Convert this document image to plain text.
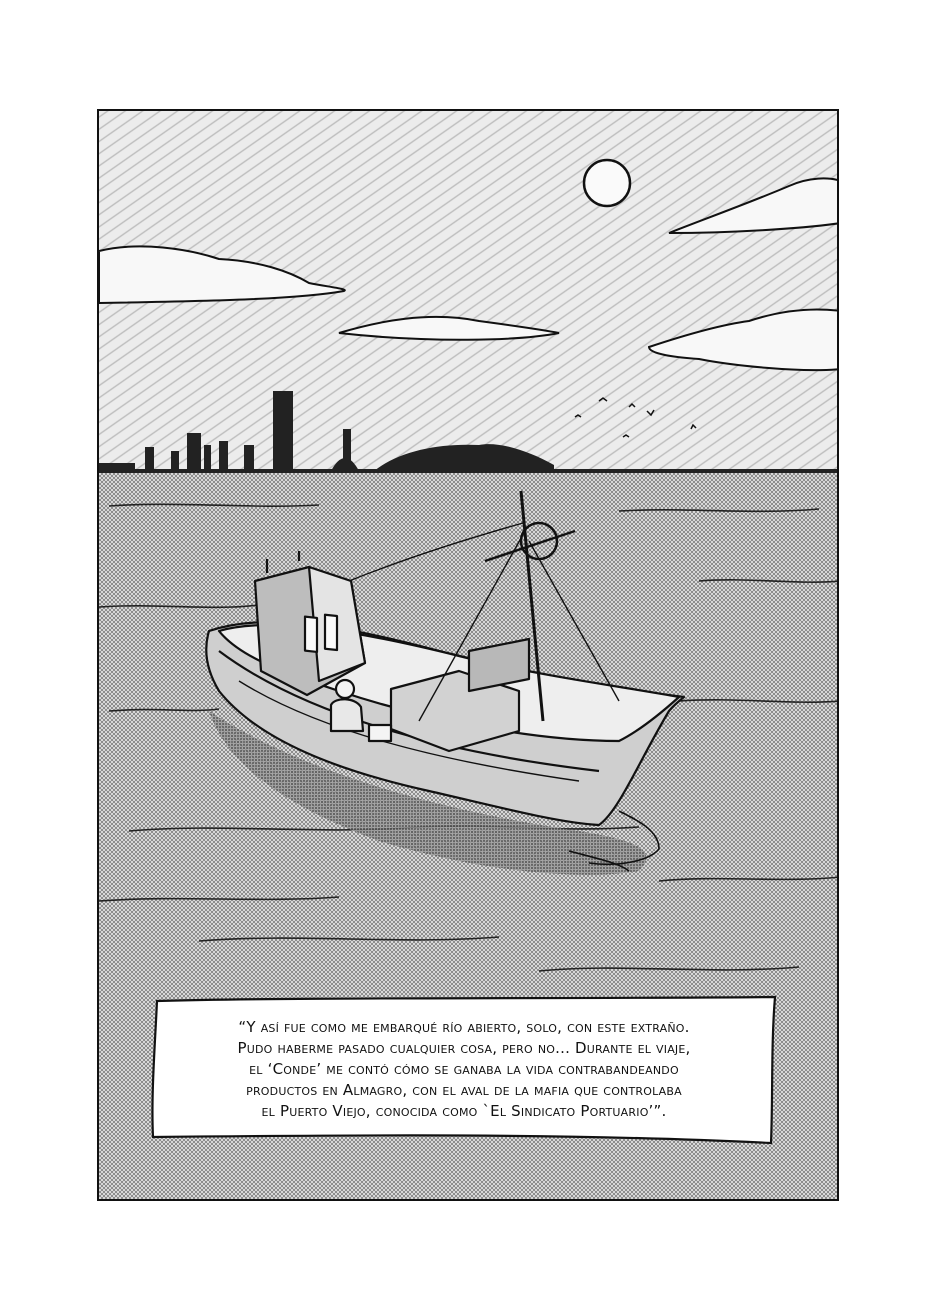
“Y así fue como me embarqué río abierto, solo, con este extraño.
Pudo haberme pasado cualquier cosa, pero no... Durante el viaje,
el ‘Conde’ me contó cómo se ganaba la vida contrabandeando
productos en Almagro, con el aval de la mafia que controlaba
el Puerto Viejo, conocida como `El Sindicato Portuario’”.
